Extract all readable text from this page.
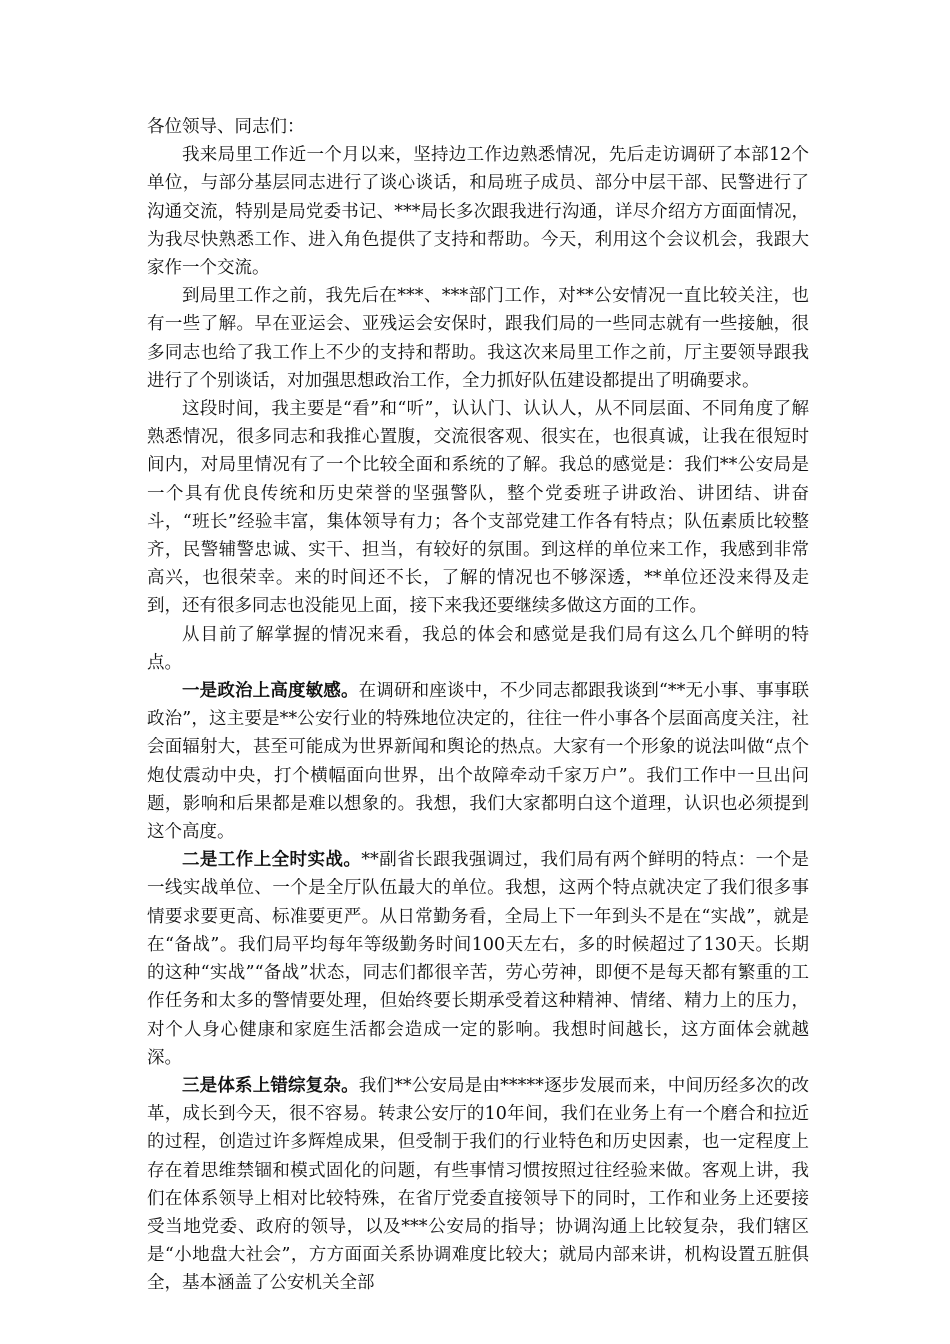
各位领导、同志们：

我来局里工作近一个月以来，坚持边工作边熟悉情况，先后走访调研了本部12个单位，与部分基层同志进行了谈心谈话，和局班子成员、部分中层干部、民警进行了沟通交流，特别是局党委书记、***局长多次跟我进行沟通，详尽介绍方方面面情况，为我尽快熟悉工作、进入角色提供了支持和帮助。今天，利用这个会议机会，我跟大家作一个交流。

到局里工作之前，我先后在***、***部门工作，对**公安情况一直比较关注，也有一些了解。早在亚运会、亚残运会安保时，跟我们局的一些同志就有一些接触，很多同志也给了我工作上不少的支持和帮助。我这次来局里工作之前，厅主要领导跟我进行了个别谈话，对加强思想政治工作，全力抓好队伍建设都提出了明确要求。

这段时间，我主要是“看”和“听”，认认门、认认人，从不同层面、不同角度了解熟悉情况，很多同志和我推心置腹，交流很客观、很实在，也很真诚，让我在很短时间内，对局里情况有了一个比较全面和系统的了解。我总的感觉是：我们**公安局是一个具有优良传统和历史荣誉的坚强警队，整个党委班子讲政治、讲团结、讲奋斗，“班长”经验丰富，集体领导有力；各个支部党建工作各有特点；队伍素质比较整齐，民警辅警忠诚、实干、担当，有较好的氛围。到这样的单位来工作，我感到非常高兴，也很荣幸。来的时间还不长，了解的情况也不够深透，**单位还没来得及走到，还有很多同志也没能见上面，接下来我还要继续多做这方面的工作。

从目前了解掌握的情况来看，我总的体会和感觉是我们局有这么几个鲜明的特点。

一是政治上高度敏感。在调研和座谈中，不少同志都跟我谈到“**无小事、事事联政治”，这主要是**公安行业的特殊地位决定的，往往一件小事各个层面高度关注，社会面辐射大，甚至可能成为世界新闻和舆论的热点。大家有一个形象的说法叫做“点个炮仗震动中央，打个横幅面向世界，出个故障牵动千家万户”。我们工作中一旦出问题，影响和后果都是难以想象的。我想，我们大家都明白这个道理，认识也必须提到这个高度。

二是工作上全时实战。**副省长跟我强调过，我们局有两个鲜明的特点：一个是一线实战单位、一个是全厅队伍最大的单位。我想，这两个特点就决定了我们很多事情要求要更高、标准要更严。从日常勤务看，全局上下一年到头不是在“实战”，就是在“备战”。我们局平均每年等级勤务时间100天左右，多的时候超过了130天。长期的这种“实战”“备战”状态，同志们都很辛苦，劳心劳神，即便不是每天都有繁重的工作任务和太多的警情要处理，但始终要长期承受着这种精神、情绪、精力上的压力，对个人身心健康和家庭生活都会造成一定的影响。我想时间越长，这方面体会就越深。

三是体系上错综复杂。我们**公安局是由*****逐步发展而来，中间历经多次的改革，成长到今天，很不容易。转隶公安厅的10年间，我们在业务上有一个磨合和拉近的过程，创造过许多辉煌成果，但受制于我们的行业特色和历史因素，也一定程度上存在着思维禁锢和模式固化的问题，有些事情习惯按照过往经验来做。客观上讲，我们在体系领导上相对比较特殊，在省厅党委直接领导下的同时，工作和业务上还要接受当地党委、政府的领导，以及***公安局的指导；协调沟通上比较复杂，我们辖区是“小地盘大社会”，方方面面关系协调难度比较大；就局内部来讲，机构设置五脏俱全，基本涵盖了公安机关全部
